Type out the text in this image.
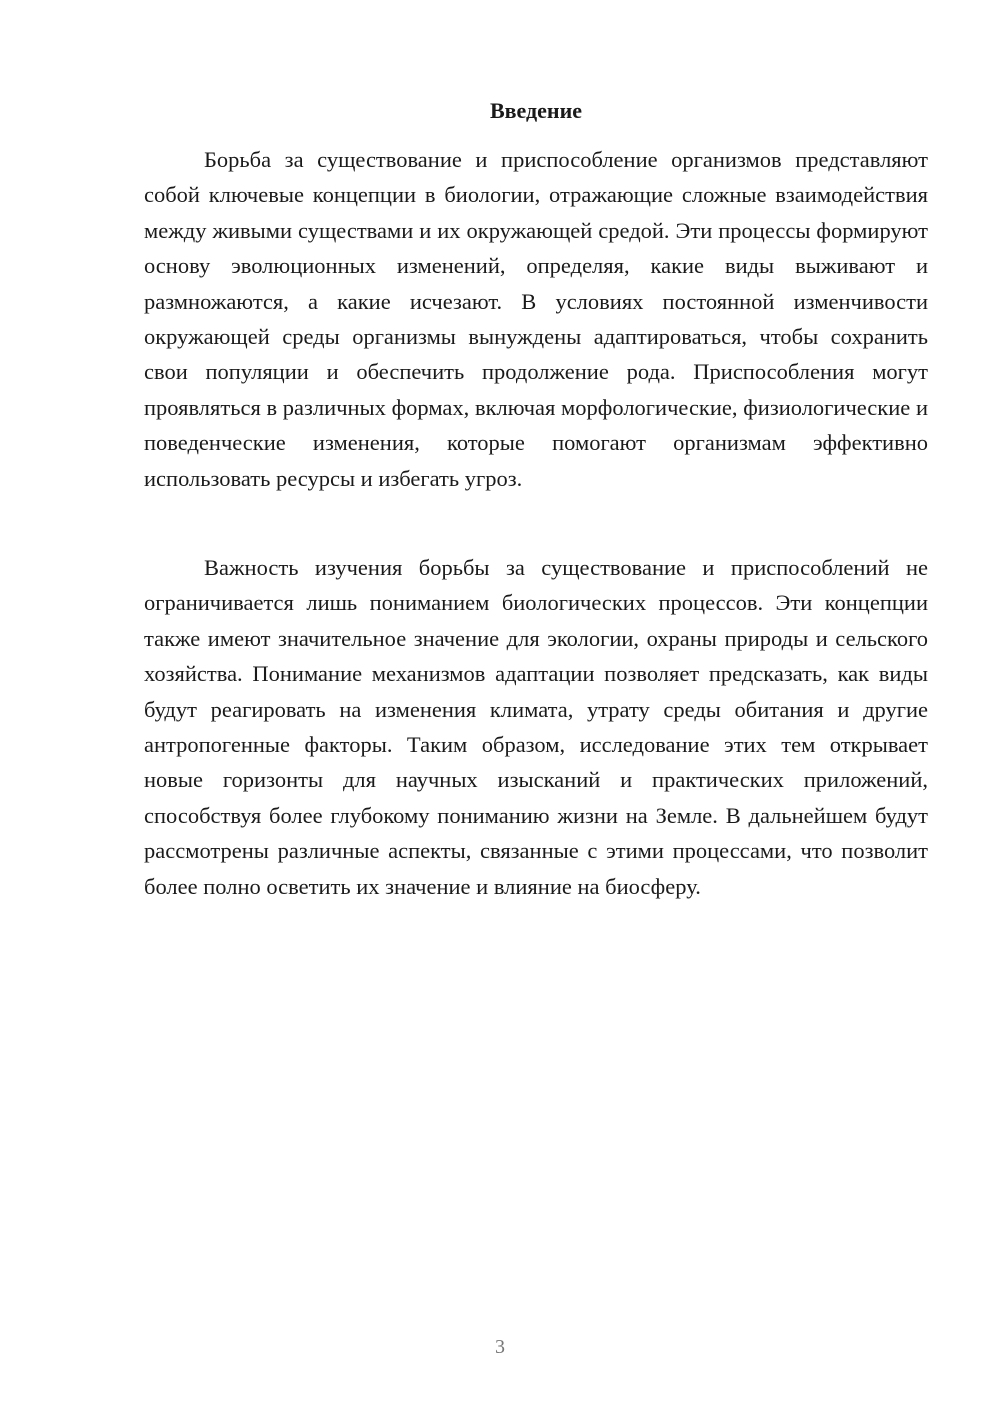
Введение

Борьба за существование и приспособление организмов представляют собой ключевые концепции в биологии, отражающие сложные взаимодействия между живыми существами и их окружающей средой. Эти процессы формируют основу эволюционных изменений, определяя, какие виды выживают и размножаются, а какие исчезают. В условиях постоянной изменчивости окружающей среды организмы вынуждены адаптироваться, чтобы сохранить свои популяции и обеспечить продолжение рода. Приспособления могут проявляться в различных формах, включая морфологические, физиологические и поведенческие изменения, которые помогают организмам эффективно использовать ресурсы и избегать угроз.

Важность изучения борьбы за существование и приспособлений не ограничивается лишь пониманием биологических процессов. Эти концепции также имеют значительное значение для экологии, охраны природы и сельского хозяйства. Понимание механизмов адаптации позволяет предсказать, как виды будут реагировать на изменения климата, утрату среды обитания и другие антропогенные факторы. Таким образом, исследование этих тем открывает новые горизонты для научных изысканий и практических приложений, способствуя более глубокому пониманию жизни на Земле. В дальнейшем будут рассмотрены различные аспекты, связанные с этими процессами, что позволит более полно осветить их значение и влияние на биосферу.

3
